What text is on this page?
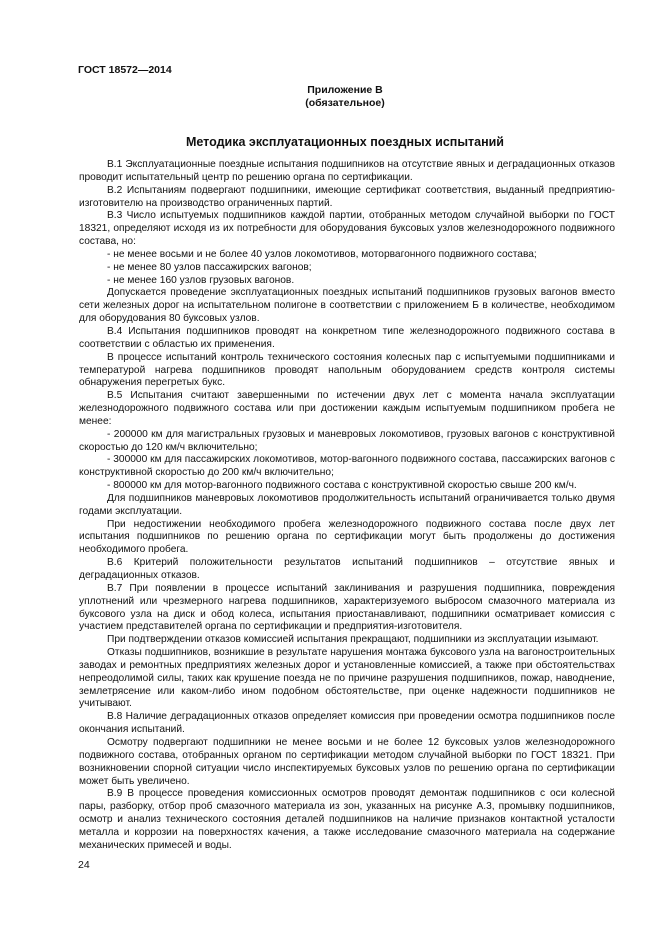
ГОСТ 18572—2014
Приложение В
(обязательное)
Методика эксплуатационных поездных испытаний

В.1 Эксплуатационные поездные испытания подшипников на отсутствие явных и деградационных отказов проводит испытательный центр по решению органа по сертификации.

В.2 Испытаниям подвергают подшипники, имеющие сертификат соответствия, выданный предприятию-изготовителю на производство ограниченных партий.

В.3 Число испытуемых подшипников каждой партии, отобранных методом случайной выборки по ГОСТ 18321, определяют исходя из их потребности для оборудования буксовых узлов железнодорожного подвижного состава, но:

- не менее восьми и не более 40 узлов локомотивов, моторвагонного подвижного состава;

- не менее 80 узлов пассажирских вагонов;

- не менее 160 узлов грузовых вагонов.

Допускается проведение эксплуатационных поездных испытаний подшипников грузовых вагонов вместо сети железных дорог на испытательном полигоне в соответствии с приложением Б в количестве, необходимом для оборудования 80 буксовых узлов.

В.4 Испытания подшипников проводят на конкретном типе железнодорожного подвижного состава в соответствии с областью их применения.

В процессе испытаний контроль технического состояния колесных пар с испытуемыми подшипниками и температурой нагрева подшипников проводят напольным оборудованием средств контроля системы обнаружения перегретых букс.

В.5 Испытания считают завершенными по истечении двух лет с момента начала эксплуатации железнодорожного подвижного состава или при достижении каждым испытуемым подшипником пробега не менее:

- 200000 км для магистральных грузовых и маневровых локомотивов, грузовых вагонов с конструктивной скоростью до 120 км/ч включительно;

- 300000 км для пассажирских локомотивов, мотор-вагонного подвижного состава, пассажирских вагонов с конструктивной скоростью до 200 км/ч включительно;

- 800000 км для мотор-вагонного подвижного состава с конструктивной скоростью свыше 200 км/ч.

Для подшипников маневровых локомотивов продолжительность испытаний ограничивается только двумя годами эксплуатации.

При недостижении необходимого пробега железнодорожного подвижного состава после двух лет испытания подшипников по решению органа по сертификации могут быть продолжены до достижения необходимого пробега.

В.6 Критерий положительности результатов испытаний подшипников – отсутствие явных и деградационных отказов.

В.7 При появлении в процессе испытаний заклинивания и разрушения подшипника, повреждения уплотнений или чрезмерного нагрева подшипников, характеризуемого выбросом смазочного материала из буксового узла на диск и обод колеса, испытания приостанавливают, подшипники осматривает комиссия с участием представителей органа по сертификации и предприятия-изготовителя.

При подтверждении отказов комиссией испытания прекращают, подшипники из эксплуатации изымают.

Отказы подшипников, возникшие в результате нарушения монтажа буксового узла на вагоностроительных заводах и ремонтных предприятиях железных дорог и установленные комиссией, а также при обстоятельствах непреодолимой силы, таких как крушение поезда не по причине разрушения подшипников, пожар, наводнение, землетрясение или каком-либо ином подобном обстоятельстве, при оценке надежности подшипников не учитывают.

В.8 Наличие деградационных отказов определяет комиссия при проведении осмотра подшипников после окончания испытаний.

Осмотру подвергают подшипники не менее восьми и не более 12 буксовых узлов железнодорожного подвижного состава, отобранных органом по сертификации методом случайной выборки по ГОСТ 18321. При возникновении спорной ситуации число инспектируемых буксовых узлов по решению органа по сертификации может быть увеличено.

В.9 В процессе проведения комиссионных осмотров проводят демонтаж подшипников с оси колесной пары, разборку, отбор проб смазочного материала из зон, указанных на рисунке А.3, промывку подшипников, осмотр и анализ технического состояния деталей подшипников на наличие признаков контактной усталости металла и коррозии на поверхностях качения, а также исследование смазочного материала на содержание механических примесей и воды.

24
